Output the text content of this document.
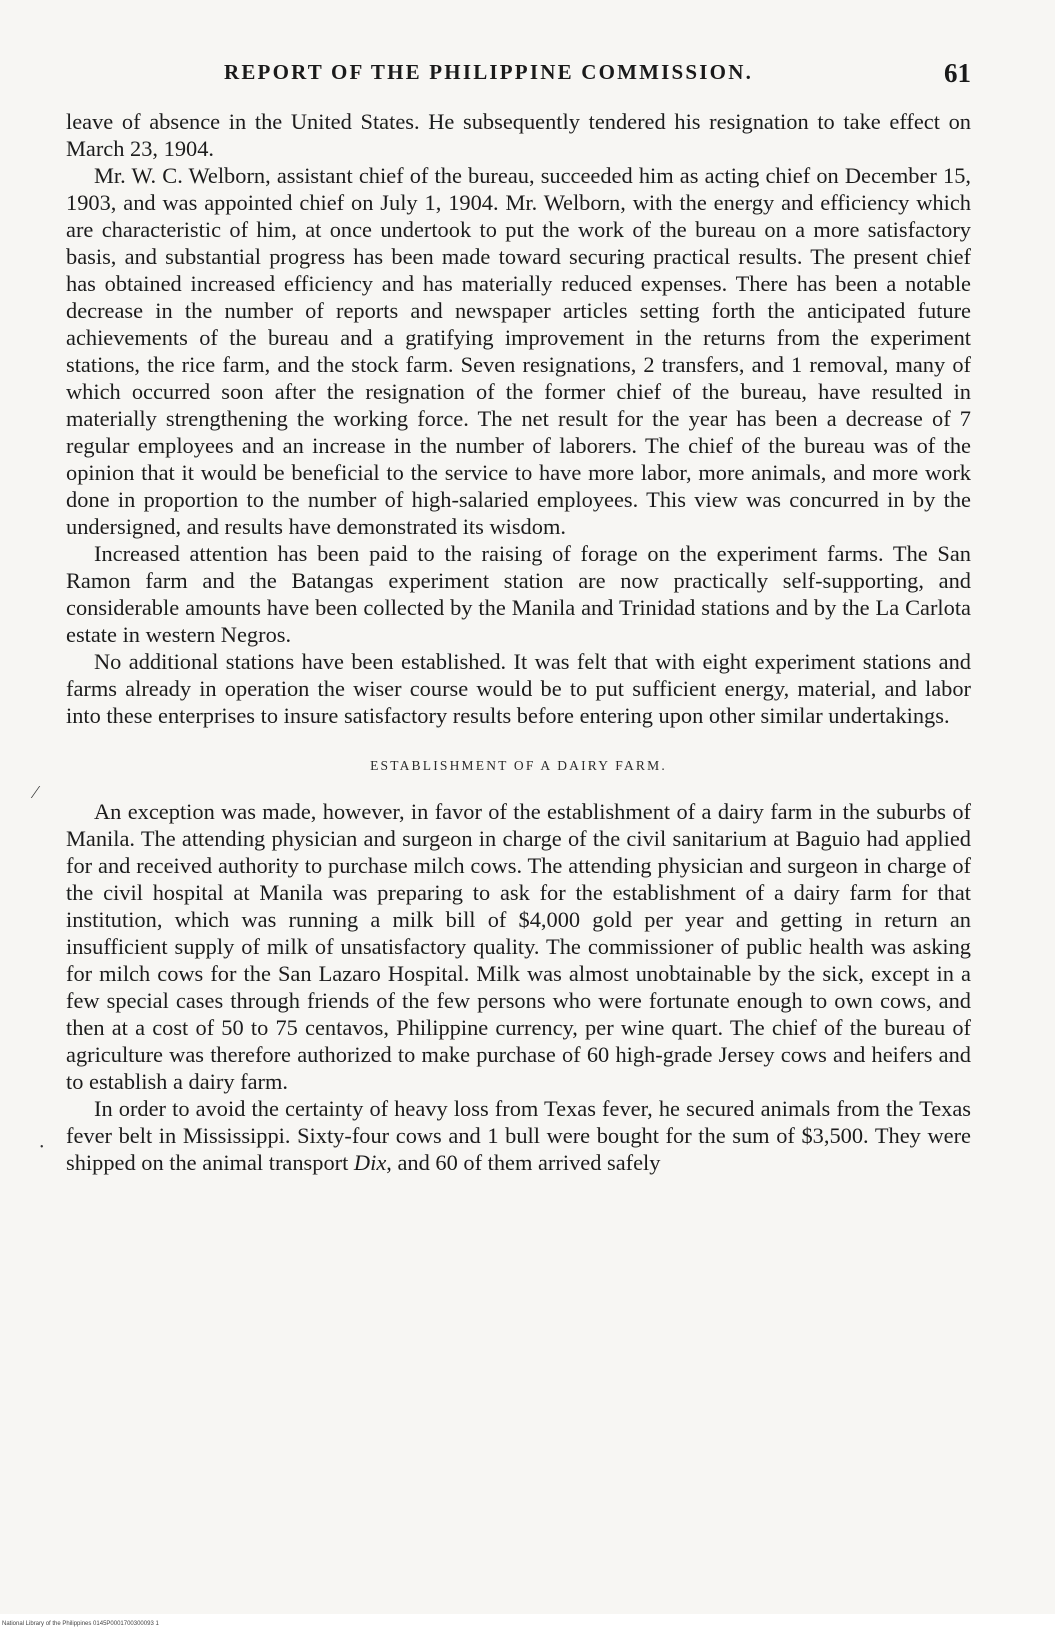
REPORT OF THE PHILIPPINE COMMISSION.	61

leave of absence in the United States. He subsequently tendered his resignation to take effect on March 23, 1904.

Mr. W. C. Welborn, assistant chief of the bureau, succeeded him as acting chief on December 15, 1903, and was appointed chief on July 1, 1904. Mr. Welborn, with the energy and efficiency which are characteristic of him, at once undertook to put the work of the bureau on a more satisfactory basis, and substantial progress has been made toward securing practical results. The present chief has obtained increased efficiency and has materially reduced expenses. There has been a notable decrease in the number of reports and newspaper articles setting forth the anticipated future achievements of the bureau and a gratifying improvement in the returns from the experiment stations, the rice farm, and the stock farm. Seven resignations, 2 transfers, and 1 removal, many of which occurred soon after the resignation of the former chief of the bureau, have resulted in materially strengthening the working force. The net result for the year has been a decrease of 7 regular employees and an increase in the number of laborers. The chief of the bureau was of the opinion that it would be beneficial to the service to have more labor, more animals, and more work done in proportion to the number of high-salaried employees. This view was concurred in by the undersigned, and results have demonstrated its wisdom.

Increased attention has been paid to the raising of forage on the experiment farms. The San Ramon farm and the Batangas experiment station are now practically self-supporting, and considerable amounts have been collected by the Manila and Trinidad stations and by the La Carlota estate in western Negros.

No additional stations have been established. It was felt that with eight experiment stations and farms already in operation the wiser course would be to put sufficient energy, material, and labor into these enterprises to insure satisfactory results before entering upon other similar undertakings.

ESTABLISHMENT OF A DAIRY FARM.

An exception was made, however, in favor of the establishment of a dairy farm in the suburbs of Manila. The attending physician and surgeon in charge of the civil sanitarium at Baguio had applied for and received authority to purchase milch cows. The attending physician and surgeon in charge of the civil hospital at Manila was preparing to ask for the establishment of a dairy farm for that institution, which was running a milk bill of $4,000 gold per year and getting in return an insufficient supply of milk of unsatisfactory quality. The commissioner of public health was asking for milch cows for the San Lazaro Hospital. Milk was almost unobtainable by the sick, except in a few special cases through friends of the few persons who were fortunate enough to own cows, and then at a cost of 50 to 75 centavos, Philippine currency, per wine quart. The chief of the bureau of agriculture was therefore authorized to make purchase of 60 high-grade Jersey cows and heifers and to establish a dairy farm.

In order to avoid the certainty of heavy loss from Texas fever, he secured animals from the Texas fever belt in Mississippi. Sixty-four cows and 1 bull were bought for the sum of $3,500. They were shipped on the animal transport Dix, and 60 of them arrived safely

⁄
•
National Library of the Philippines 0145P0001700300093 1
